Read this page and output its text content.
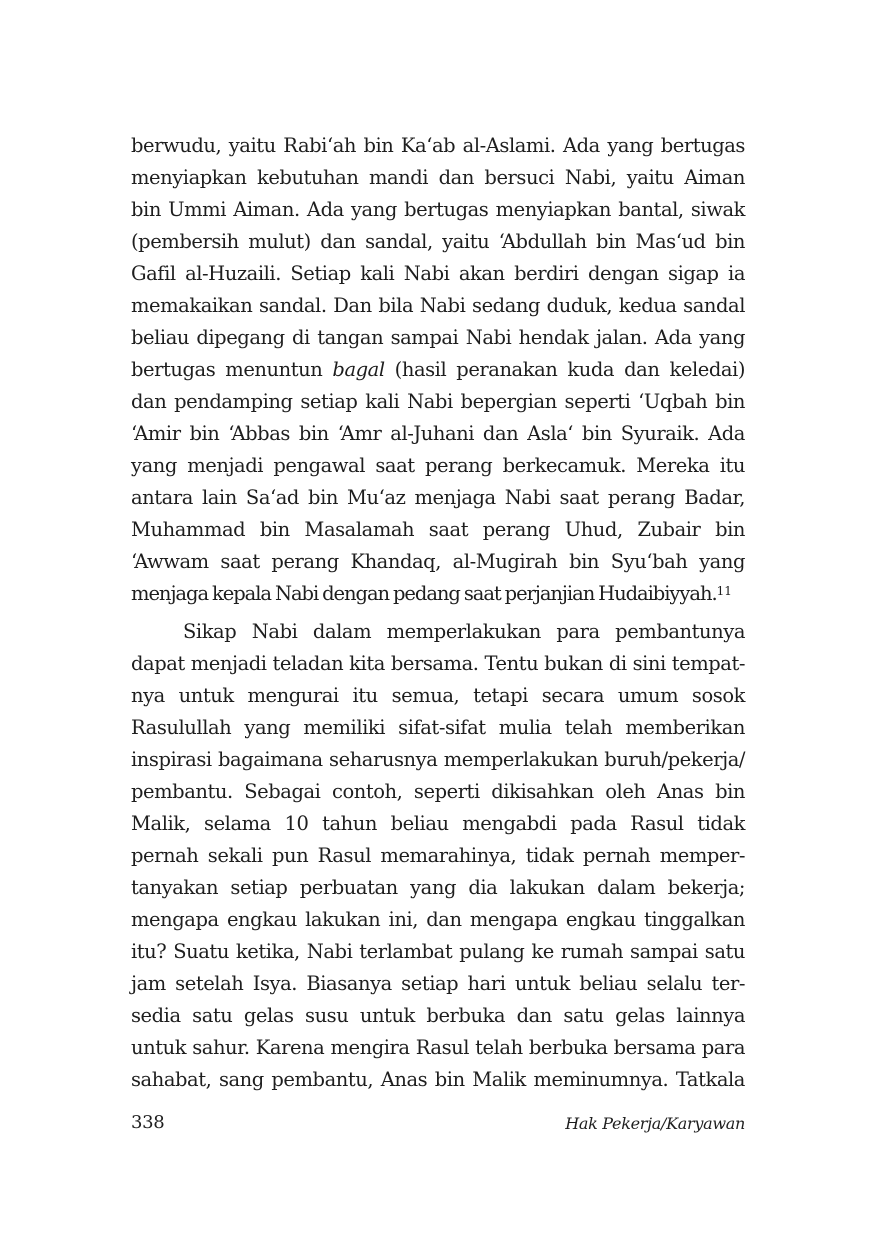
berwudu, yaitu Rabi‘ah bin Ka‘ab al-Aslami. Ada yang bertugas
menyiapkan kebutuhan mandi dan bersuci Nabi, yaitu Aiman
bin Ummi Aiman. Ada yang bertugas menyiapkan bantal, siwak
(pembersih mulut) dan sandal, yaitu ‘Abdullah bin Mas‘ud bin
Gafil al-Huzaili. Setiap kali Nabi akan berdiri dengan sigap ia
memakaikan sandal. Dan bila Nabi sedang duduk, kedua sandal
beliau dipegang di tangan sampai Nabi hendak jalan. Ada yang
bertugas menuntun bagal (hasil peranakan kuda dan keledai)
dan pendamping setiap kali Nabi bepergian seperti ‘Uqbah bin
‘Amir bin ‘Abbas bin ‘Amr al-Juhani dan Asla‘ bin Syuraik. Ada
yang menjadi pengawal saat perang berkecamuk. Mereka itu
antara lain Sa‘ad bin Mu‘az menjaga Nabi saat perang Badar,
Muhammad bin Masalamah saat perang Uhud, Zubair bin
‘Awwam saat perang Khandaq, al-Mugirah bin Syu‘bah yang
menjaga kepala Nabi dengan pedang saat perjanjian Hudaibiyyah.$^{11}$

Sikap Nabi dalam memperlakukan para pembantunya
dapat menjadi teladan kita bersama. Tentu bukan di sini tempat-
nya untuk mengurai itu semua, tetapi secara umum sosok
Rasulullah yang memiliki sifat-sifat mulia telah memberikan
inspirasi bagaimana seharusnya memperlakukan buruh/pekerja/
pembantu. Sebagai contoh, seperti dikisahkan oleh Anas bin
Malik, selama 10 tahun beliau mengabdi pada Rasul tidak
pernah sekali pun Rasul memarahinya, tidak pernah memper-
tanyakan setiap perbuatan yang dia lakukan dalam bekerja;
mengapa engkau lakukan ini, dan mengapa engkau tinggalkan
itu? Suatu ketika, Nabi terlambat pulang ke rumah sampai satu
jam setelah Isya. Biasanya setiap hari untuk beliau selalu ter-
sedia satu gelas susu untuk berbuka dan satu gelas lainnya
untuk sahur. Karena mengira Rasul telah berbuka bersama para
sahabat, sang pembantu, Anas bin Malik meminumnya. Tatkala

338	Hak Pekerja/Karyawan
